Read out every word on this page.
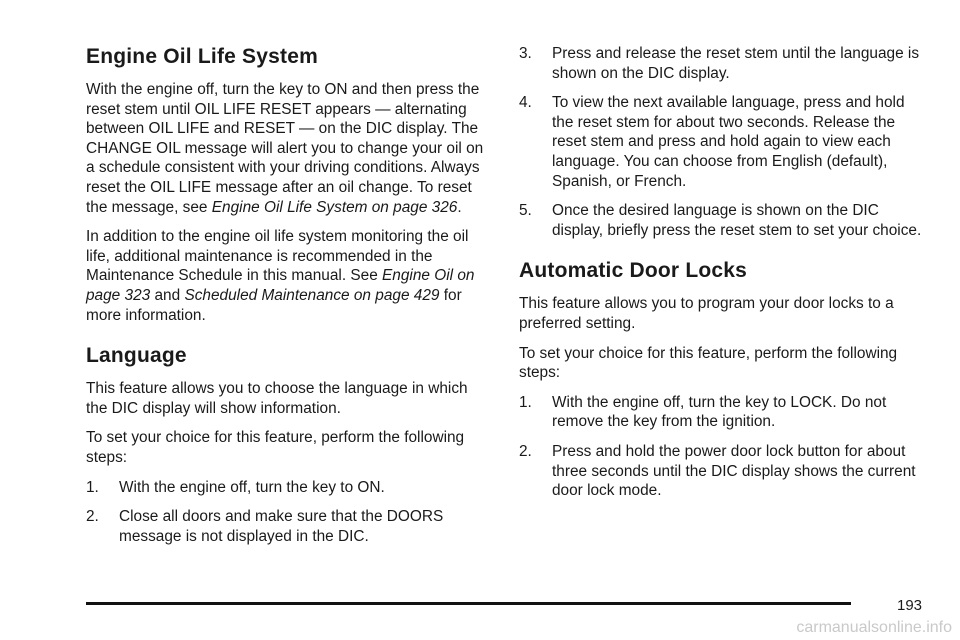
Engine Oil Life System

With the engine off, turn the key to ON and then press the reset stem until OIL LIFE RESET appears — alternating between OIL LIFE and RESET — on the DIC display. The CHANGE OIL message will alert you to change your oil on a schedule consistent with your driving conditions. Always reset the OIL LIFE message after an oil change. To reset the message, see Engine Oil Life System on page 326.

In addition to the engine oil life system monitoring the oil life, additional maintenance is recommended in the Maintenance Schedule in this manual. See Engine Oil on page 323 and Scheduled Maintenance on page 429 for more information.

Language

This feature allows you to choose the language in which the DIC display will show information.

To set your choice for this feature, perform the following steps:

1. With the engine off, turn the key to ON.
2. Close all doors and make sure that the DOORS message is not displayed in the DIC.
3. Press and release the reset stem until the language is shown on the DIC display.
4. To view the next available language, press and hold the reset stem for about two seconds. Release the reset stem and press and hold again to view each language. You can choose from English (default), Spanish, or French.
5. Once the desired language is shown on the DIC display, briefly press the reset stem to set your choice.
Automatic Door Locks

This feature allows you to program your door locks to a preferred setting.

To set your choice for this feature, perform the following steps:

1. With the engine off, turn the key to LOCK. Do not remove the key from the ignition.
2. Press and hold the power door lock button for about three seconds until the DIC display shows the current door lock mode.
193
carmanualsonline.info
